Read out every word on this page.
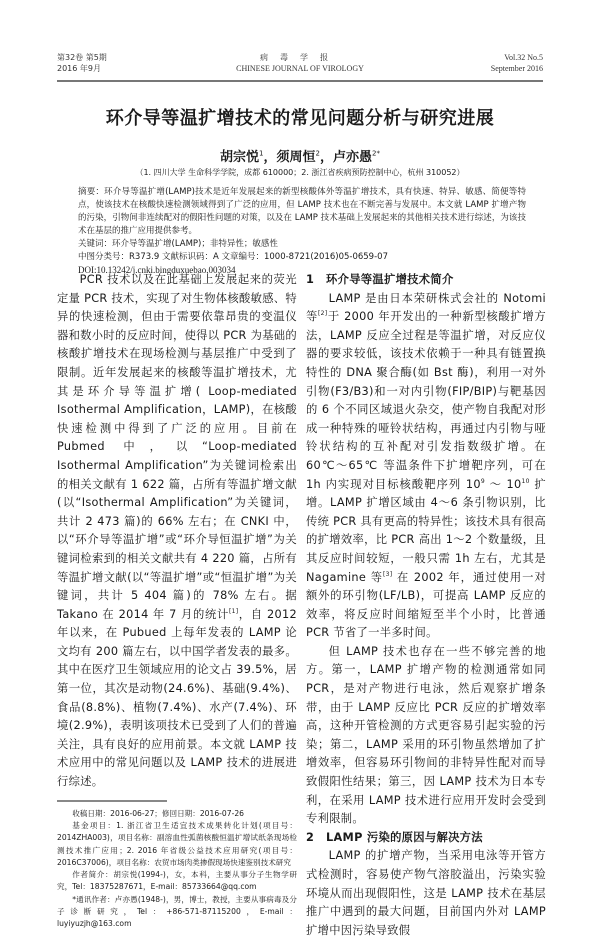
第32卷 第5期
2016 年9月
病毒学报
CHINESE JOURNAL OF VIROLOGY
Vol.32 No.5
September 2016
环介导等温扩增技术的常见问题分析与研究进展
胡宗悦$^1$，须周恒$^2$，卢亦愚$^{2*}$
（1. 四川大学 生命科学学院，成都 610000；2. 浙江省疾病预防控制中心，杭州 310052）
摘要：环介导等温扩增(LAMP)技术是近年发展起来的新型核酸体外等温扩增技术，具有快速、特异、敏感、简便等特点，使该技术在核酸快速检测领域得到了广泛的应用，但 LAMP 技术也在不断完善与发展中。本文就 LAMP 扩增产物的污染，引物间非连续配对的假阳性问题的对策，以及在 LAMP 技术基础上发展起来的其他相关技术进行综述，为该技术在基层的推广应用提供参考。
关键词：环介导等温扩增(LAMP)；非特异性；敏感性
中图分类号：R373.9 文献标识码：A 文章编号：1000-8721(2016)05-0659-07
DOI:10.13242/j.cnki.bingduxuebao.003034

PCR 技术以及在此基础上发展起来的荧光定量 PCR 技术，实现了对生物体核酸敏感、特异的快速检测，但由于需要依靠昂贵的变温仪器和数小时的反应时间，使得以 PCR 为基础的核酸扩增技术在现场检测与基层推广中受到了限制。近年发展起来的核酸等温扩增技术，尤其是环介导等温扩增( Loop-mediated Isothermal Amplification，LAMP)，在核酸快速检测中得到了广泛的应用。目前在 Pubmed 中，以“Loop-mediated Isothermal Amplification”为关键词检索出的相关文献有 1 622 篇，占所有等温扩增文献(以“Isothermal Amplification”为关键词，共计 2 473 篇)的 66% 左右；在 CNKI 中，以“环介导等温扩增”或“环介导恒温扩增”为关键词检索到的相关文献共有 4 220 篇，占所有等温扩增文献(以“等温扩增”或“恒温扩增”为关键词，共计 5 404 篇)的 78% 左右。据 Takano 在 2014 年 7 月的统计[1]，自 2012 年以来，在 Pubued 上每年发表的 LAMP 论文均有 200 篇左右，以中国学者发表的最多。其中在医疗卫生领域应用的论文占 39.5%，居第一位，其次是动物(24.6%)、基础(9.4%)、食品(8.8%)、植物(7.4%)、水产(7.4%)、环境(2.9%)，表明该项技术已受到了人们的普遍关注，具有良好的应用前景。本文就 LAMP 技术应用中的常见问题以及 LAMP 技术的进展进行综述。

收稿日期：2016-06-27；修回日期：2016-07-26

基金项目：1. 浙江省卫生适宜技术成果转化计划(项目号：2014ZHA003)，项目名称：副溶血性弧菌核酸恒温扩增试纸条现场检测技术推广应用；2. 2016 年省级公益技术应用研究(项目号：2016C37006)，项目名称：农贸市场肉类掺假现场快速鉴别技术研究

作者简介：胡宗悦(1994-)，女，本科，主要从事分子生物学研究，Tel：18375287671，E-mail：85733664@qq.com

*通讯作者：卢亦愚(1948-)，男，博士，教授，主要从事病毒及分子诊断研究，Tel：+86-571-87115200，E-mail：luyiyuzjh@163.com

1 环介导等温扩增技术简介

LAMP 是由日本荣研株式会社的 Notomi 等[2]于 2000 年开发出的一种新型核酸扩增方法，LAMP 反应全过程是等温扩增，对反应仪器的要求较低，该技术依赖于一种具有链置换特性的 DNA 聚合酶(如 Bst 酶)，利用一对外引物(F3/B3)和一对内引物(FIP/BIP)与靶基因的 6 个不同区域退火杂交，使产物自我配对形成一种特殊的哑铃状结构，再通过内引物与哑铃状结构的互补配对引发指数级扩增。在 60℃～65℃ 等温条件下扩增靶序列，可在 1h 内实现对目标核酸靶序列 $10^9$ ～ $10^{10}$ 扩增。LAMP 扩增区域由 4～6 条引物识别，比传统 PCR 具有更高的特异性；该技术具有很高的扩增效率，比 PCR 高出 1～2 个数量级，且其反应时间较短，一般只需 1h 左右，尤其是 Nagamine 等[3] 在 2002 年，通过使用一对额外的环引物(LF/LB)，可提高 LAMP 反应的效率，将反应时间缩短至半个小时，比普通 PCR 节省了一半多时间。

但 LAMP 技术也存在一些不够完善的地方。第一，LAMP 扩增产物的检测通常如同 PCR，是对产物进行电泳，然后观察扩增条带，由于 LAMP 反应比 PCR 反应的扩增效率高，这种开管检测的方式更容易引起实验的污染；第二，LAMP 采用的环引物虽然增加了扩增效率，但容易环引物间的非特异性配对而导致假阳性结果；第三，因 LAMP 技术为日本专利，在采用 LAMP 技术进行应用开发时会受到专利限制。

2 LAMP 污染的原因与解决方法

LAMP 的扩增产物，当采用电泳等开管方式检测时，容易使产物气溶胶溢出，污染实验环境从而出现假阳性，这是 LAMP 技术在基层推广中遇到的最大问题，目前国内外对 LAMP 扩增中因污染导致假
